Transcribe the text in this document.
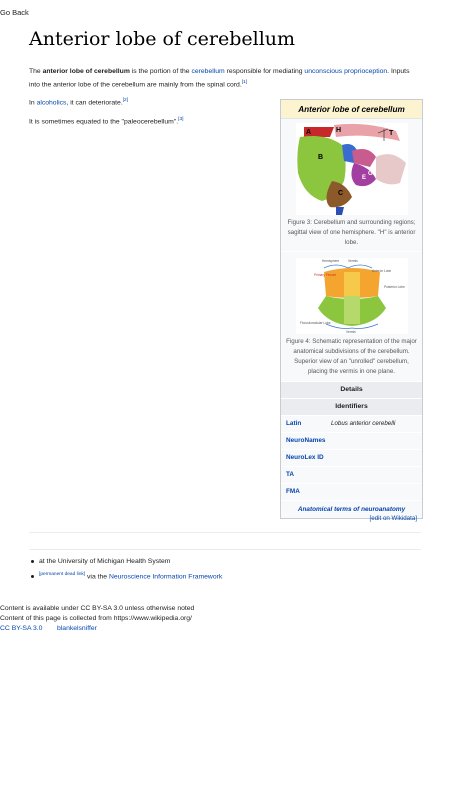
Go Back
Anterior lobe of cerebellum
The anterior lobe of cerebellum is the portion of the cerebellum responsible for mediating unconscious proprioception. Inputs into the anterior lobe of the cerebellum are mainly from the spinal cord.[1]
In alcoholics, it can deteriorate.[2]
It is sometimes equated to the "paleocerebellum".[3]
Anterior lobe of cerebellum
A	H	T
B
C
E
D
G
Figure 3: Cerebellum and surrounding regions; sagittal view of one hemisphere. "H" is anterior lobe.
Hemisphere	Vermis
Anterior Lobe
Primary Fissure
Posterior Lobe
Flocculonodular Lobe
Vermis
Figure 4: Schematic representation of the major anatomical subdivisions of the cerebellum. Superior view of an "unrolled" cerebellum, placing the vermis in one plane.
Details
Identifiers
Latin	Lobus anterior cerebelli
NeuroNames
NeuroLex ID
TA
FMA
Anatomical terms of neuroanatomy
[edit on Wikidata]
at the University of Michigan Health System
[permanent dead link] via the Neuroscience Information Framework
Content is available under CC BY-SA 3.0 unless otherwise noted
Content of this page is collected from https://www.wikipedia.org/
CC BY-SA 3.0 blankelsniffer
